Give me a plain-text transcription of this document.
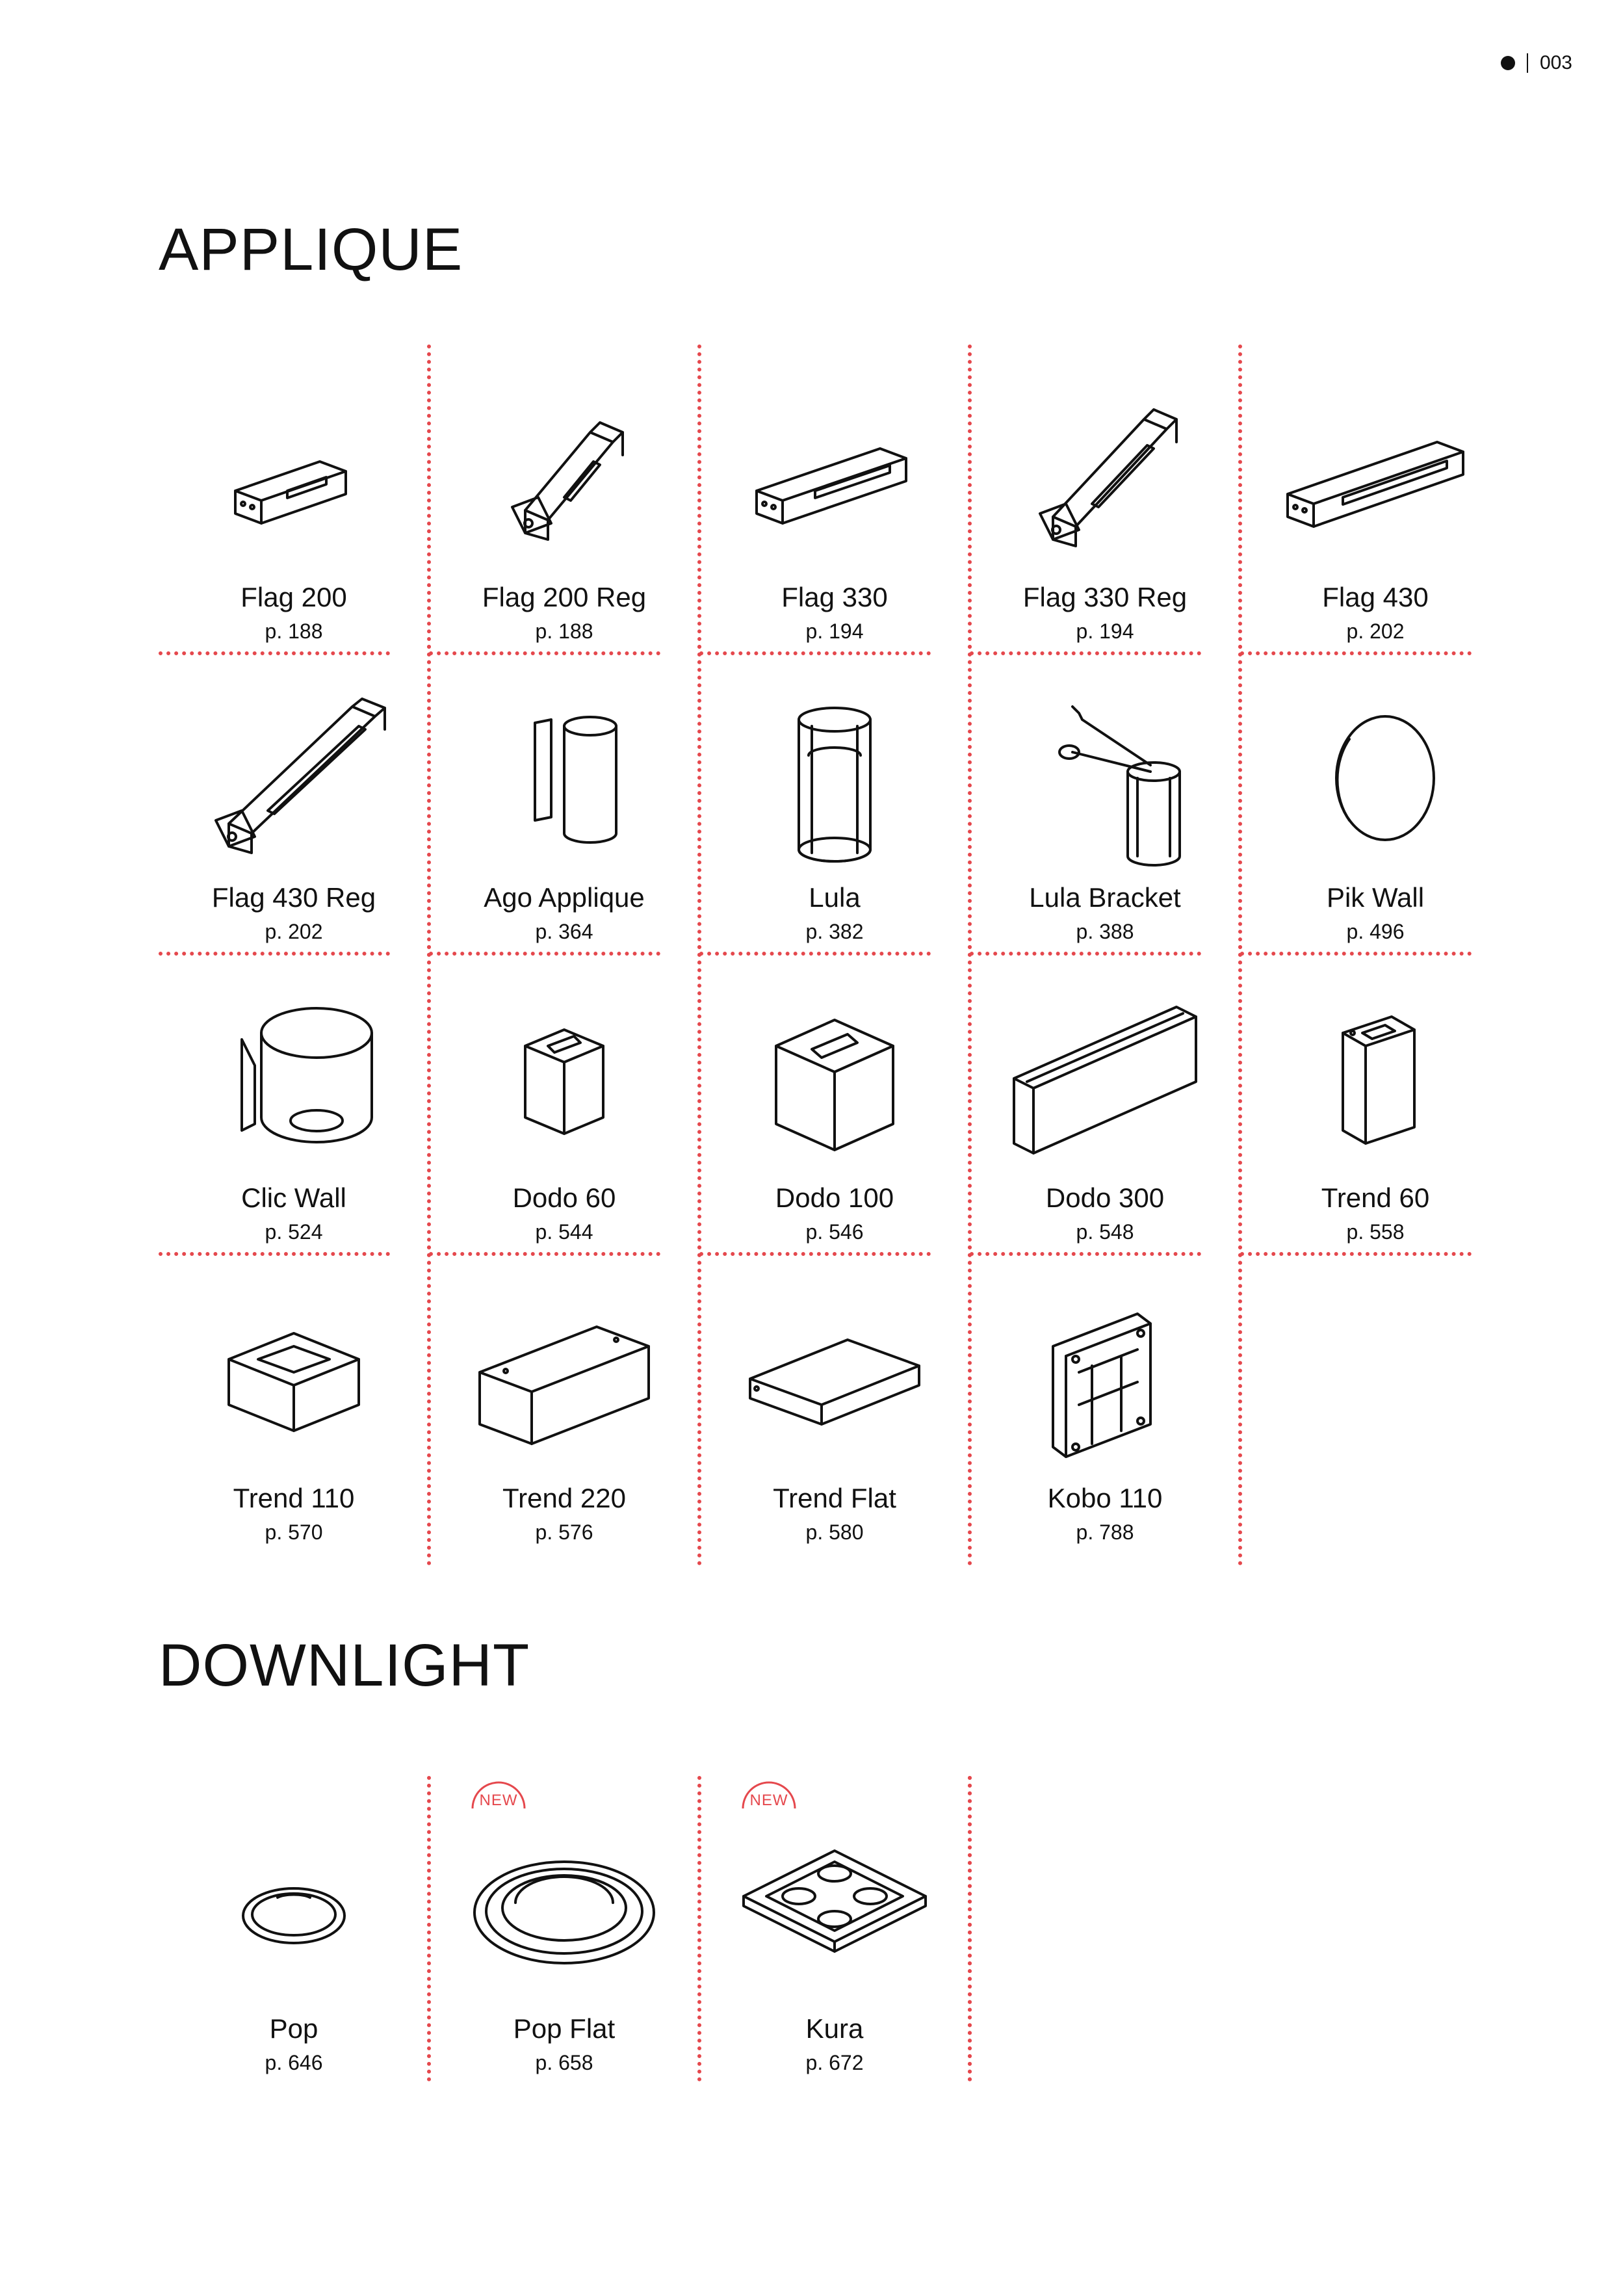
003
APPLIQUE
Flag 200
p. 188
Flag 200 Reg
p. 188
Flag 330
p. 194
Flag 330 Reg
p. 194
Flag 430
p. 202
Flag 430 Reg
p. 202
Ago Applique
p. 364
Lula
p. 382
Lula Bracket
p. 388
Pik Wall
p. 496
Clic Wall
p. 524
Dodo 60
p. 544
Dodo 100
p. 546
Dodo 300
p. 548
Trend 60
p. 558
Trend 110
p. 570
Trend 220
p. 576
Trend Flat
p. 580
Kobo 110
p. 788
DOWNLIGHT
Pop
p. 646
Pop Flat
p. 658
NEW
Kura
p. 672
NEW
